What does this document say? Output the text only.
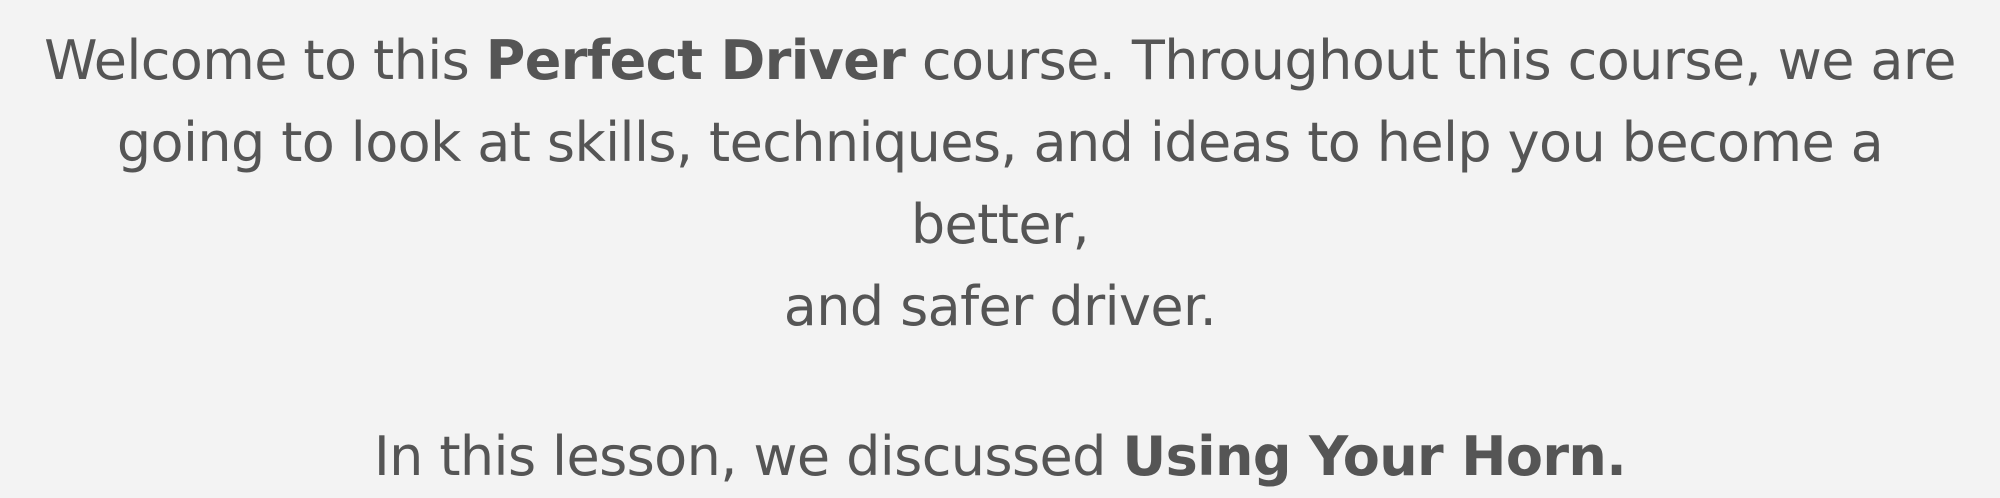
Welcome to this Perfect Driver course. Throughout this course, we are
going to look at skills, techniques, and ideas to help you become a better,
and safer driver.

In this lesson, we discussed Using Your Horn.
